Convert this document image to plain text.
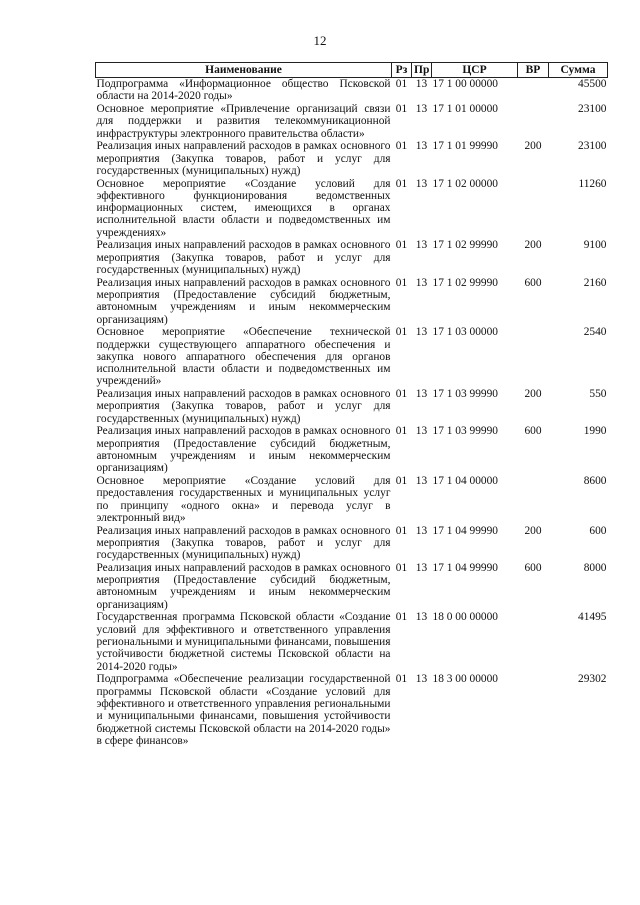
12
Наименование	Рз	Пр	ЦСР	ВР	Сумма
Подпрограмма «Информационное общество Псковской области на 2014-2020 годы»	01	13	17 1 00 00000		45500
Основное мероприятие «Привлечение организаций связи для поддержки и развития телекоммуникационной инфраструктуры электронного правительства области»	01	13	17 1 01 00000		23100
Реализация иных направлений расходов в рамках основного мероприятия (Закупка товаров, работ и услуг для государственных (муниципальных) нужд)	01	13	17 1 01 99990	200	23100
Основное мероприятие «Создание условий для эффективного функционирования ведомственных информационных систем, имеющихся в органах исполнительной власти области и подведомственных им учреждениях»	01	13	17 1 02 00000		11260
Реализация иных направлений расходов в рамках основного мероприятия (Закупка товаров, работ и услуг для государственных (муниципальных) нужд)	01	13	17 1 02 99990	200	9100
Реализация иных направлений расходов в рамках основного мероприятия (Предоставление субсидий бюджетным, автономным учреждениям и иным некоммерческим организациям)	01	13	17 1 02 99990	600	2160
Основное мероприятие «Обеспечение технической поддержки существующего аппаратного обеспечения и закупка нового аппаратного обеспечения для органов исполнительной власти области и подведомственных им учреждений»	01	13	17 1 03 00000		2540
Реализация иных направлений расходов в рамках основного мероприятия (Закупка товаров, работ и услуг для государственных (муниципальных) нужд)	01	13	17 1 03 99990	200	550
Реализация иных направлений расходов в рамках основного мероприятия (Предоставление субсидий бюджетным, автономным учреждениям и иным некоммерческим организациям)	01	13	17 1 03 99990	600	1990
Основное мероприятие «Создание условий для предоставления государственных и муниципальных услуг по принципу «одного окна» и перевода услуг в электронный вид»	01	13	17 1 04 00000		8600
Реализация иных направлений расходов в рамках основного мероприятия (Закупка товаров, работ и услуг для государственных (муниципальных) нужд)	01	13	17 1 04 99990	200	600
Реализация иных направлений расходов в рамках основного мероприятия (Предоставление субсидий бюджетным, автономным учреждениям и иным некоммерческим организациям)	01	13	17 1 04 99990	600	8000
Государственная программа Псковской области «Создание условий для эффективного и ответственного управления региональными и муниципальными финансами, повышения устойчивости бюджетной системы Псковской области на 2014-2020 годы»	01	13	18 0 00 00000		41495
Подпрограмма «Обеспечение реализации государственной программы Псковской области «Создание условий для эффективного и ответственного управления региональными и муниципальными финансами, повышения устойчивости бюджетной системы Псковской области на 2014-2020 годы» в сфере финансов»	01	13	18 3 00 00000		29302
